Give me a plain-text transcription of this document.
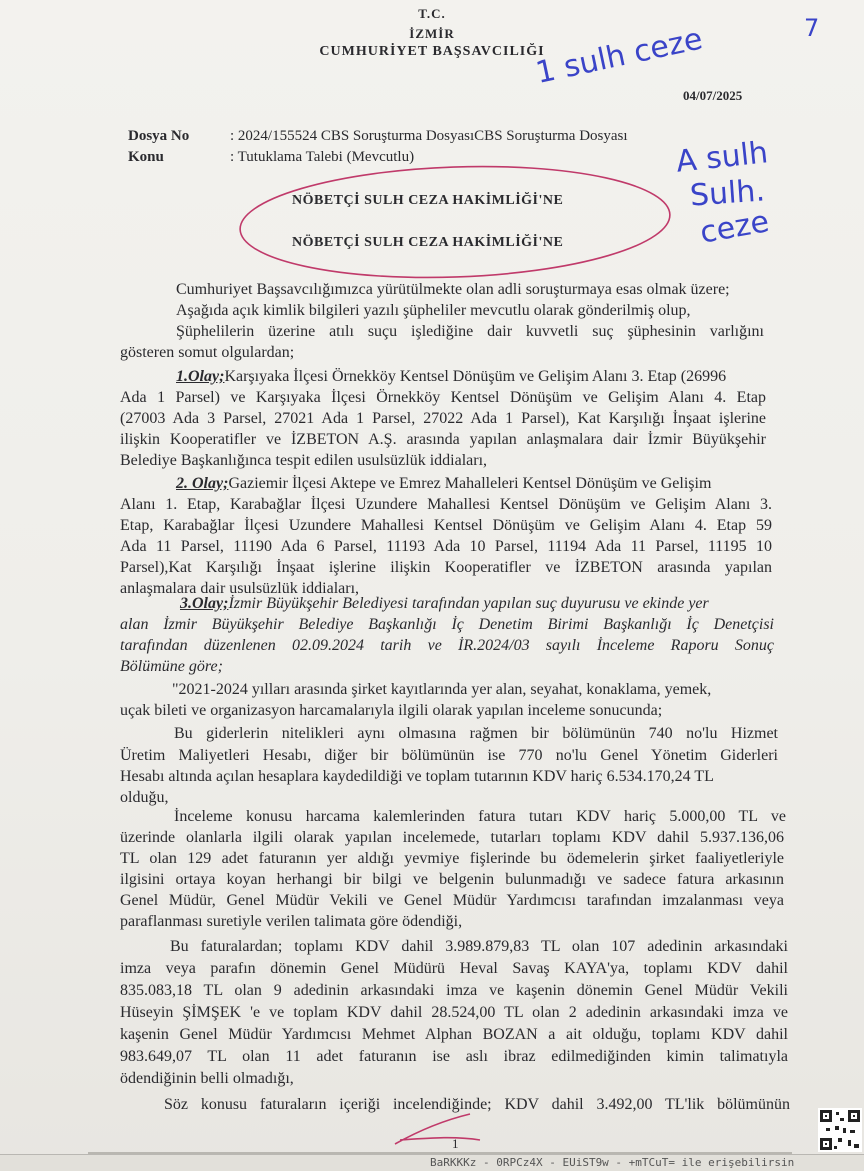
T.C.
İZMİR
CUMHURİYET BAŞSAVCILIĞI
04/07/2025
7
1 sulh ceze
A sulh
Sulh.
ceze
Dosya No	: 2024/155524 CBS Soruşturma DosyasıCBS Soruşturma Dosyası
Konu	: Tutuklama Talebi (Mevcutlu)
NÖBETÇİ SULH CEZA HAKİMLİĞİ'NE
NÖBETÇİ SULH CEZA HAKİMLİĞİ'NE
Cumhuriyet Başsavcılığımızca yürütülmekte olan adli soruşturmaya esas olmak üzere;
Aşağıda açık kimlik bilgileri yazılı şüpheliler mevcutlu olarak gönderilmiş olup,
Şüphelilerin üzerine atılı suçu işlediğine dair kuvvetli suç şüphesinin varlığını
gösteren somut olgulardan;
1.Olay;Karşıyaka İlçesi Örnekköy Kentsel Dönüşüm ve Gelişim Alanı 3. Etap (26996
Ada 1 Parsel) ve Karşıyaka İlçesi Örnekköy Kentsel Dönüşüm ve Gelişim Alanı 4. Etap
(27003 Ada 3 Parsel, 27021 Ada 1 Parsel, 27022 Ada 1 Parsel), Kat Karşılığı İnşaat işlerine
ilişkin Kooperatifler ve İZBETON A.Ş. arasında yapılan anlaşmalara dair İzmir Büyükşehir
Belediye Başkanlığınca tespit edilen usulsüzlük iddiaları,
2. Olay;Gaziemir İlçesi Aktepe ve Emrez Mahalleleri Kentsel Dönüşüm ve Gelişim
Alanı 1. Etap, Karabağlar İlçesi Uzundere Mahallesi Kentsel Dönüşüm ve Gelişim Alanı 3.
Etap, Karabağlar İlçesi Uzundere Mahallesi Kentsel Dönüşüm ve Gelişim Alanı 4. Etap 59
Ada 11 Parsel, 11190 Ada 6 Parsel, 11193 Ada 10 Parsel, 11194 Ada 11 Parsel, 11195 10
Parsel),Kat Karşılığı İnşaat işlerine ilişkin Kooperatifler ve İZBETON arasında yapılan
anlaşmalara dair usulsüzlük iddiaları,
3.Olay;İzmir Büyükşehir Belediyesi tarafından yapılan suç duyurusu ve ekinde yer
alan İzmir Büyükşehir Belediye Başkanlığı İç Denetim Birimi Başkanlığı İç Denetçisi
tarafından düzenlenen 02.09.2024 tarih ve İR.2024/03 sayılı İnceleme Raporu Sonuç
Bölümüne göre;
"2021-2024 yılları arasında şirket kayıtlarında yer alan, seyahat, konaklama, yemek,
uçak bileti ve organizasyon harcamalarıyla ilgili olarak yapılan inceleme sonucunda;
Bu giderlerin nitelikleri aynı olmasına rağmen bir bölümünün 740 no'lu Hizmet
Üretim Maliyetleri Hesabı, diğer bir bölümünün ise 770 no'lu Genel Yönetim Giderleri
Hesabı altında açılan hesaplara kaydedildiği ve toplam tutarının KDV hariç 6.534.170,24 TL
olduğu,
İnceleme konusu harcama kalemlerinden fatura tutarı KDV hariç 5.000,00 TL ve
üzerinde olanlarla ilgili olarak yapılan incelemede, tutarları toplamı KDV dahil 5.937.136,06
TL olan 129 adet faturanın yer aldığı yevmiye fişlerinde bu ödemelerin şirket faaliyetleriyle
ilgisini ortaya koyan herhangi bir bilgi ve belgenin bulunmadığı ve sadece fatura arkasının
Genel Müdür, Genel Müdür Vekili ve Genel Müdür Yardımcısı tarafından imzalanması veya
paraflanması suretiyle verilen talimata göre ödendiği,
Bu faturalardan; toplamı KDV dahil 3.989.879,83 TL olan 107 adedinin arkasındaki
imza veya parafın dönemin Genel Müdürü Heval Savaş KAYA'ya, toplamı KDV dahil
835.083,18 TL olan 9 adedinin arkasındaki imza ve kaşenin dönemin Genel Müdür Vekili
Hüseyin ŞİMŞEK 'e ve toplam KDV dahil 28.524,00 TL olan 2 adedinin arkasındaki imza ve
kaşenin Genel Müdür Yardımcısı Mehmet Alphan BOZAN a ait olduğu, toplamı KDV dahil
983.649,07 TL olan 11 adet faturanın ise aslı ibraz edilmediğinden kimin talimatıyla
ödendiğinin belli olmadığı,
Söz konusu faturaların içeriği incelendiğinde; KDV dahil 3.492,00 TL'lik bölümünün
1
BaRKKKz - 0RPCz4X - EUiST9w - +mTCuT= ile erişebilirsin
